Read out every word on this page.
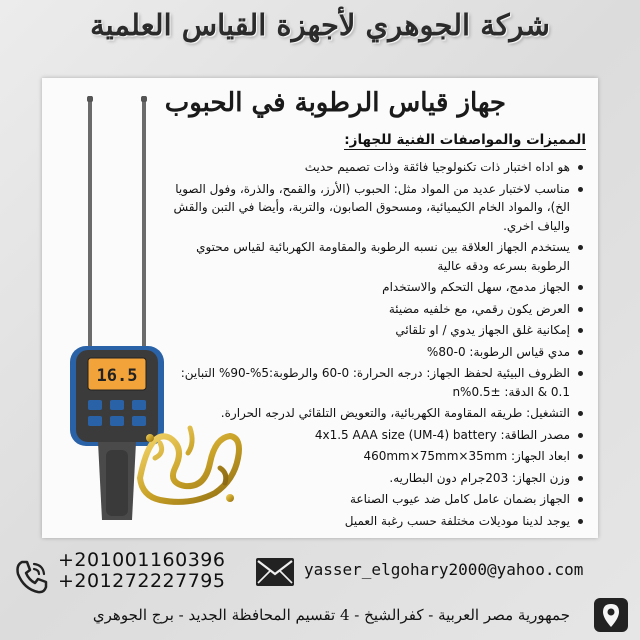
شركة الجوهري لأجهزة القياس العلمية
16.5
جهاز قياس الرطوبة في الحبوب
المميزات والمواصفات الفنية للجهاز:
هو اداه اختبار ذات تكنولوجيا فائقة وذات تصميم حديث
مناسب لاختبار عديد من المواد مثل: الحبوب (الأرز، والقمح، والذرة، وفول الصويا الخ)، والمواد الخام الكيميائية، ومسحوق الصابون، والتربة، وأيضا في التبن والقش والياف اخري.
يستخدم الجهاز العلاقة بين نسبه الرطوبة والمقاومة الكهربائية لقياس محتوي الرطوبة بسرعه ودقه عالية
الجهاز مدمج، سهل التحكم والاستخدام
العرض يكون رقمي، مع خلفيه مضيئة
إمكانية غلق الجهاز يدوي / او تلقائي
مدي قياس الرطوبة: 0-80%
الظروف البيئية لحفظ الجهاز: درجه الحرارة: 0-60 والرطوبة:5%-90% التباين: 0.1 & الدقة: ±0.5%n
التشغيل: طريقه المقاومة الكهربائية، والتعويض التلقائي لدرجه الحرارة.
مصدر الطاقة: 4x1.5 AAA size (UM-4) battery
ابعاد الجهاز: 460mm×75mm×35mm
وزن الجهاز: 203جرام دون البطاريه.
الجهاز بضمان عامل كامل ضد عيوب الصناعة
يوجد لدينا موديلات مختلفة حسب رغبة العميل
+201001160396
+201272227795
yasser_elgohary2000@yahoo.com
جمهورية مصر العربية - كفرالشيخ - 4 تقسيم المحافظة الجديد - برج الجوهري
